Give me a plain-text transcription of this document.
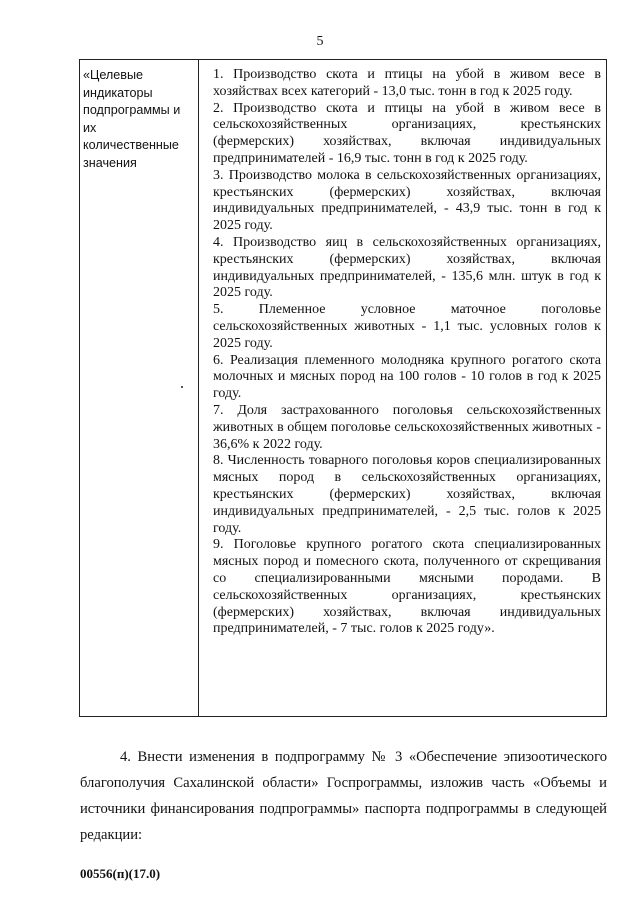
5
«Целевые индикаторы подпрограммы и их количественные значения

1. Производство скота и птицы на убой в живом весе в хозяйствах всех категорий - 13,0 тыс. тонн в год к 2025 году.

2. Производство скота и птицы на убой в живом весе в сельскохозяйственных организациях, крестьянских (фермерских) хозяйствах, включая индивидуальных предпринимателей - 16,9 тыс. тонн в год к 2025 году.

3. Производство молока в сельскохозяйственных организациях, крестьянских (фермерских) хозяйствах, включая индивидуальных предпринимателей, - 43,9 тыс. тонн в год к 2025 году.

4. Производство яиц в сельскохозяйственных организациях, крестьянских (фермерских) хозяйствах, включая индивидуальных предпринимателей, - 135,6 млн. штук в год к 2025 году.

5. Племенное условное маточное поголовье сельскохозяйственных животных - 1,1 тыс. условных голов к 2025 году.

6. Реализация племенного молодняка крупного рогатого скота молочных и мясных пород на 100 голов - 10 голов в год к 2025 году.

7. Доля застрахованного поголовья сельскохозяйственных животных в общем поголовье сельскохозяйственных животных - 36,6% к 2022 году.

8. Численность товарного поголовья коров специализированных мясных пород в сельскохозяйственных организациях, крестьянских (фермерских) хозяйствах, включая индивидуальных предпринимателей, - 2,5 тыс. голов к 2025 году.

9. Поголовье крупного рогатого скота специализированных мясных пород и помесного скота, полученного от скрещивания со специализированными мясными породами. В сельскохозяйственных организациях, крестьянских (фермерских) хозяйствах, включая индивидуальных предпринимателей, - 7 тыс. голов к 2025 году».

4. Внести изменения в подпрограмму № 3 «Обеспечение эпизоотического благополучия Сахалинской области» Госпрограммы, изложив часть «Объемы и источники финансирования подпрограммы» паспорта подпрограммы в следующей редакции:

00556(п)(17.0)
